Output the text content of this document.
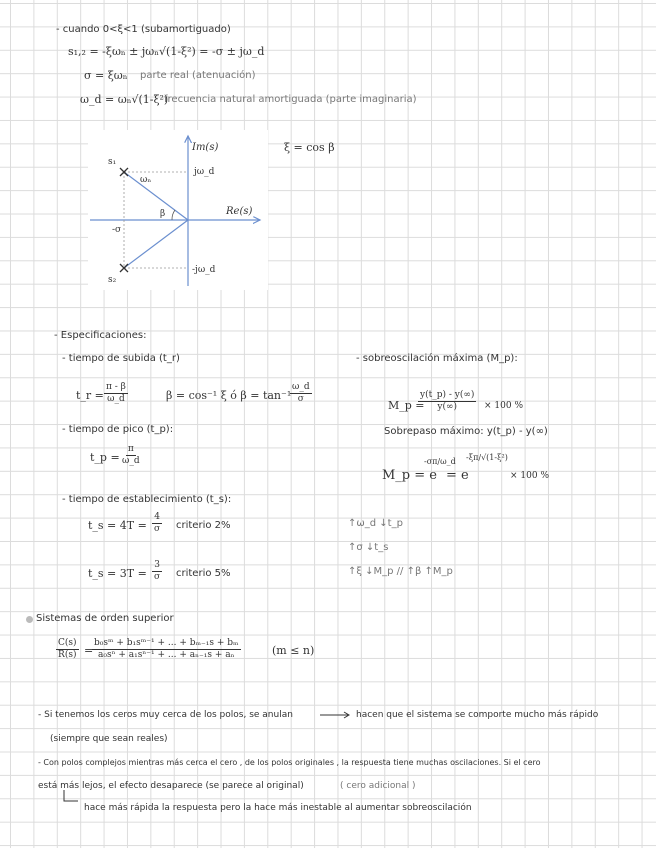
- cuando 0<ξ<1 (subamortiguado)
s₁,₂ = -ξωₙ ± jωₙ√(1-ξ²) = -σ ± jω_d
σ = ξωₙ parte real (atenuación)
ω_d = ωₙ√(1-ξ²)
frecuencia natural amortiguada (parte imaginaria)
Im(s)
Re(s)
jω_d
-jω_d
s₁
s₂
ωₙ
β
-σ
ξ = cos β
- Especificaciones:
- tiempo de subida (t_r)
t_r = $\frac{\pi - \beta}{\omega\_d}$	β = cos⁻¹ ξ ó β = tan⁻¹
$\frac{\omega\_d}{\sigma}$
- tiempo de pico (t_p):
t_p = $\frac{\pi}{\omega\_d}$
- tiempo de establecimiento (t_s):
t_s = $4T = \frac{4}{\sigma}$ criterio 2%
t_s = $3T = \frac{3}{\sigma}$ criterio 5%
- sobreoscilación máxima (M_p):
M_p =
$\frac{y(t\_p) - y(\infty)}{y(\infty)} \times 100$ %
Sobrepaso máximo: y(t_p) - y(∞)
M_p = e
-σπ/ω_d
= e
-ξπ/√(1-ξ²)
× 100 %
↑ω_d ↓t_p
↑σ ↓t_s
↑ξ ↓M_p // ↑β ↑M_p
Sistemas de orden superior
$\frac{C(s)}{R(s)}$ =
$\frac{\text{b₀sᵐ + b₁sᵐ⁻¹ + ... + bₘ₋₁s + bₘ}}{\text{a₀sⁿ + a₁sⁿ⁻¹ + ... + aₙ₋₁s + aₙ}}$	(m ≤ n)
- Si tenemos los ceros muy cerca de los polos, se anulan	hacen que el sistema se comporte mucho más rápido
(siempre que sean reales)
- Con polos complejos mientras más cerca el cero , de los polos originales , la respuesta tiene muchas oscilaciones. Si el cero
está más lejos, el efecto desaparece (se parece al original)	( cero adicional )
hace más rápida la respuesta pero la hace más inestable al aumentar sobreoscilación
